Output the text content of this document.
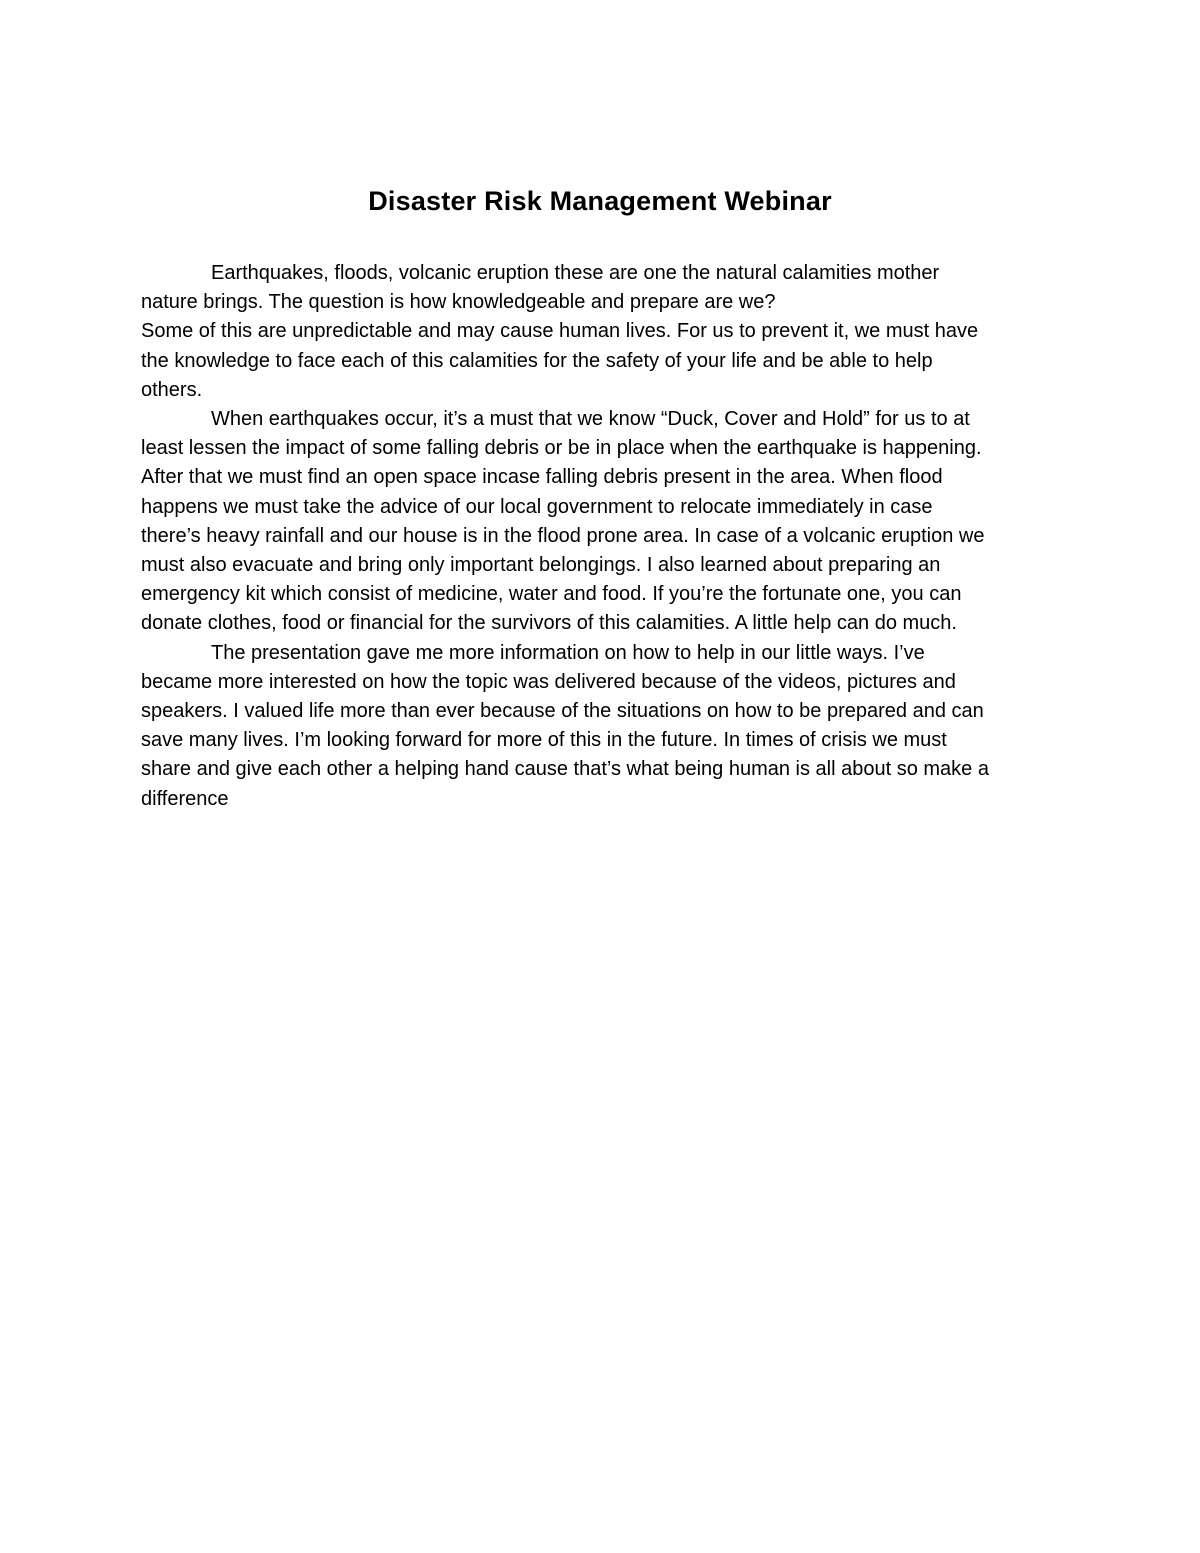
Disaster Risk Management Webinar

Earthquakes, floods, volcanic eruption these are one the natural calamities mother
nature brings. The question is how knowledgeable and prepare are we?

Some of this are unpredictable and may cause human lives. For us to prevent it, we must have
the knowledge to face each of this calamities for the safety of your life and be able to help
others.

When earthquakes occur, it’s a must that we know “Duck, Cover and Hold” for us to at
least lessen the impact of some falling debris or be in place when the earthquake is happening.
After that we must find an open space incase falling debris present in the area. When flood
happens we must take the advice of our local government to relocate immediately in case
there’s heavy rainfall and our house is in the flood prone area. In case of a volcanic eruption we
must also evacuate and bring only important belongings. I also learned about preparing an
emergency kit which consist of medicine, water and food. If you’re the fortunate one, you can
donate clothes, food or financial for the survivors of this calamities. A little help can do much.

The presentation gave me more information on how to help in our little ways. I’ve
became more interested on how the topic was delivered because of the videos, pictures and
speakers. I valued life more than ever because of the situations on how to be prepared and can
save many lives. I’m looking forward for more of this in the future. In times of crisis we must
share and give each other a helping hand cause that’s what being human is all about so make a
difference
